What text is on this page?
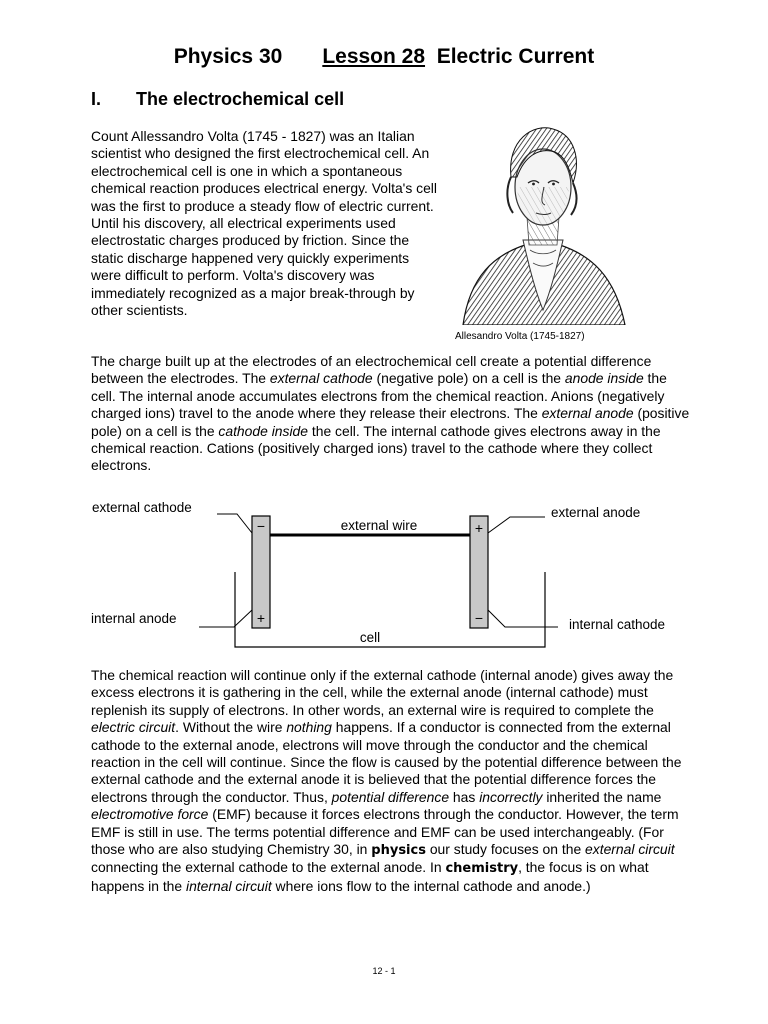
Physics 30 Lesson 28 Electric Current
I. The electrochemical cell

Count Allessandro Volta (1745 - 1827) was an Italian scientist who designed the first electrochemical cell. An electrochemical cell is one in which a spontaneous chemical reaction produces electrical energy. Volta's cell was the first to produce a steady flow of electric current. Until his discovery, all electrical experiments used electrostatic charges produced by friction. Since the static discharge happened very quickly experiments were difficult to perform. Volta's discovery was immediately recognized as a major break-through by other scientists.

Allesandro Volta (1745-1827)

The charge built up at the electrodes of an electrochemical cell create a potential difference between the electrodes. The external cathode (negative pole) on a cell is the anode inside the cell. The internal anode accumulates electrons from the chemical reaction. Anions (negatively charged ions) travel to the anode where they release their electrons. The external anode (positive pole) on a cell is the cathode inside the cell. The internal cathode gives electrons away in the chemical reaction. Cations (positively charged ions) travel to the cathode where they collect electrons.

−
+
+
−
external cathode	external anode
internal anode	internal cathode
external wire
cell

The chemical reaction will continue only if the external cathode (internal anode) gives away the excess electrons it is gathering in the cell, while the external anode (internal cathode) must replenish its supply of electrons. In other words, an external wire is required to complete the electric circuit. Without the wire nothing happens. If a conductor is connected from the external cathode to the external anode, electrons will move through the conductor and the chemical reaction in the cell will continue. Since the flow is caused by the potential difference between the external cathode and the external anode it is believed that the potential difference forces the electrons through the conductor. Thus, potential difference has incorrectly inherited the name electromotive force (EMF) because it forces electrons through the conductor. However, the term EMF is still in use. The terms potential difference and EMF can be used interchangeably. (For those who are also studying Chemistry 30, in physics our study focuses on the external circuit connecting the external cathode to the external anode. In chemistry, the focus is on what happens in the internal circuit where ions flow to the internal cathode and anode.)

12 - 1
